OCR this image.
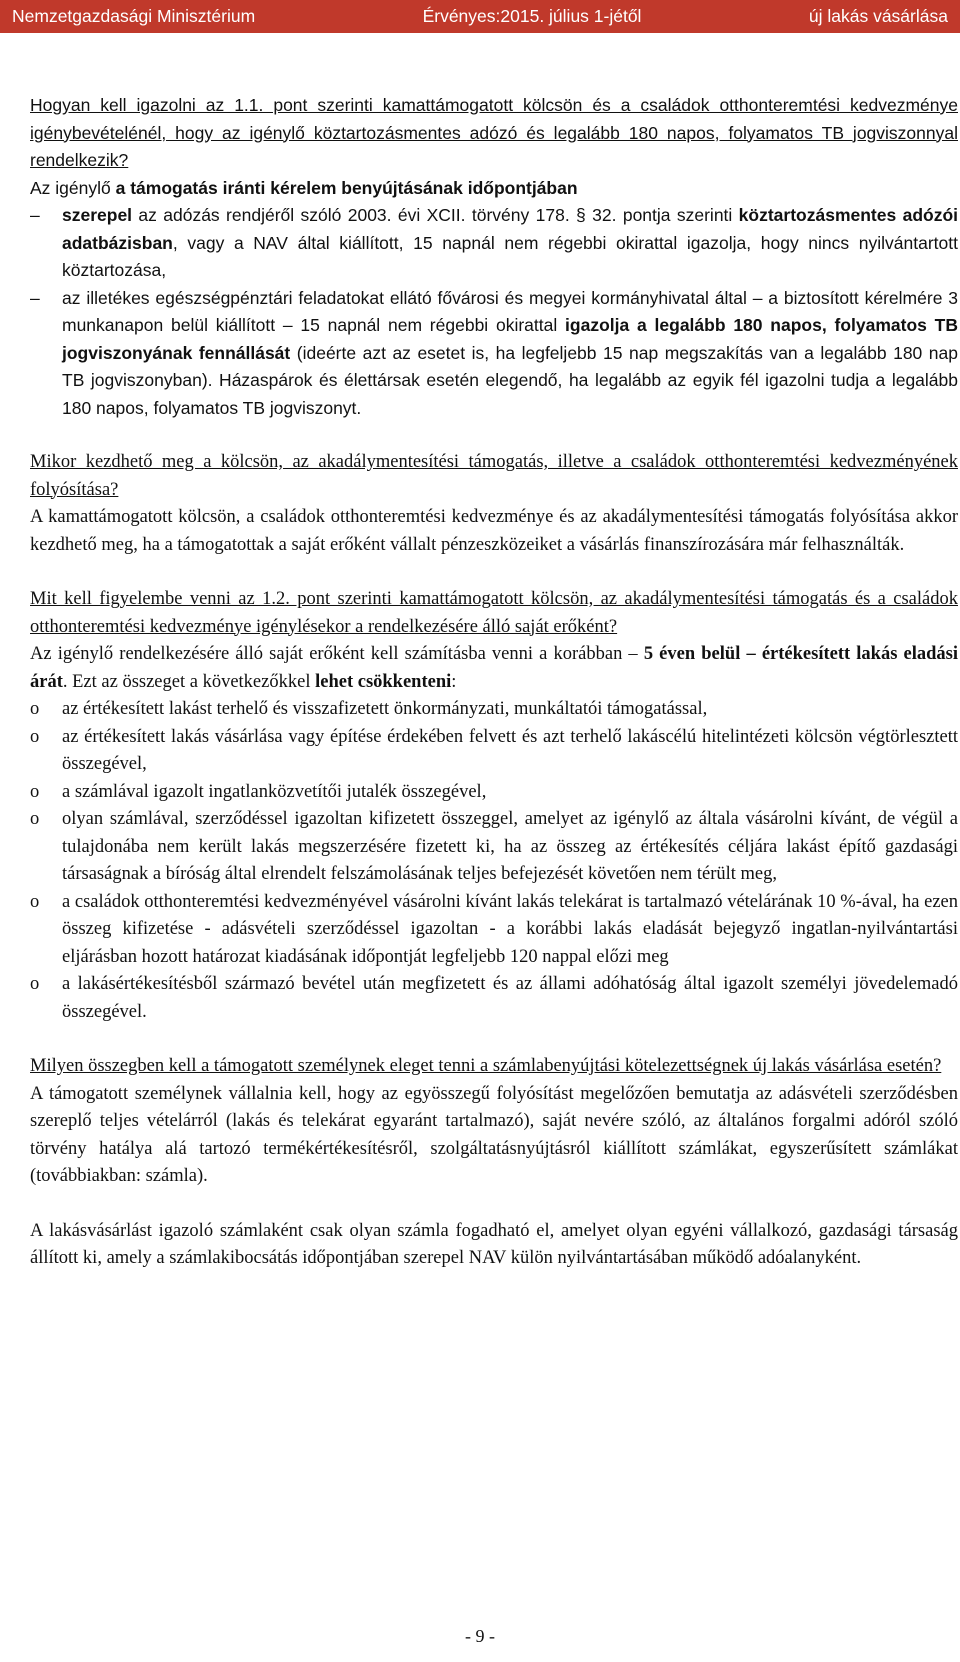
Nemzetgazdasági Minisztérium	Érvényes:2015. július 1-jétől	új lakás vásárlása

Hogyan kell igazolni az 1.1. pont szerinti kamattámogatott kölcsön és a családok otthonteremtési kedvezménye igénybevételénél, hogy az igénylő köztartozásmentes adózó és legalább 180 napos, folyamatos TB jogviszonnyal rendelkezik?

Az igénylő a támogatás iránti kérelem benyújtásának időpontjában

–	szerepel az adózás rendjéről szóló 2003. évi XCII. törvény 178. § 32. pontja szerinti köztartozásmentes adózói adatbázisban, vagy a NAV által kiállított, 15 napnál nem régebbi okirattal igazolja, hogy nincs nyilvántartott köztartozása,
–	az illetékes egészségpénztári feladatokat ellátó fővárosi és megyei kormányhivatal által – a biztosított kérelmére 3 munkanapon belül kiállított – 15 napnál nem régebbi okirattal igazolja a legalább 180 napos, folyamatos TB jogviszonyának fennállását (ideérte azt az esetet is, ha legfeljebb 15 nap megszakítás van a legalább 180 nap TB jogviszonyban). Házaspárok és élettársak esetén elegendő, ha legalább az egyik fél igazolni tudja a legalább 180 napos, folyamatos TB jogviszonyt.

Mikor kezdhető meg a kölcsön, az akadálymentesítési támogatás, illetve a családok otthonteremtési kedvezményének folyósítása?

A kamattámogatott kölcsön, a családok otthonteremtési kedvezménye és az akadálymentesítési támogatás folyósítása akkor kezdhető meg, ha a támogatottak a saját erőként vállalt pénzeszközeiket a vásárlás finanszírozására már felhasználták.

Mit kell figyelembe venni az 1.2. pont szerinti kamattámogatott kölcsön, az akadálymentesítési támogatás és a családok otthonteremtési kedvezménye igénylésekor a rendelkezésére álló saját erőként?

Az igénylő rendelkezésére álló saját erőként kell számításba venni a korábban – 5 éven belül – értékesített lakás eladási árát. Ezt az összeget a következőkkel lehet csökkenteni:

o	az értékesített lakást terhelő és visszafizetett önkormányzati, munkáltatói támogatással,
o	az értékesített lakás vásárlása vagy építése érdekében felvett és azt terhelő lakáscélú hitelintézeti kölcsön végtörlesztett összegével,
o	a számlával igazolt ingatlanközvetítői jutalék összegével,
o	olyan számlával, szerződéssel igazoltan kifizetett összeggel, amelyet az igénylő az általa vásárolni kívánt, de végül a tulajdonába nem került lakás megszerzésére fizetett ki, ha az összeg az értékesítés céljára lakást építő gazdasági társaságnak a bíróság által elrendelt felszámolásának teljes befejezését követően nem térült meg,
o	a családok otthonteremtési kedvezményével vásárolni kívánt lakás telekárat is tartalmazó vételárának 10 %-ával, ha ezen összeg kifizetése - adásvételi szerződéssel igazoltan - a korábbi lakás eladását bejegyző ingatlan-nyilvántartási eljárásban hozott határozat kiadásának időpontját legfeljebb 120 nappal előzi meg
o	a lakásértékesítésből származó bevétel után megfizetett és az állami adóhatóság által igazolt személyi jövedelemadó összegével.

Milyen összegben kell a támogatott személynek eleget tenni a számlabenyújtási kötelezettségnek új lakás vásárlása esetén?

A támogatott személynek vállalnia kell, hogy az egyösszegű folyósítást megelőzően bemutatja az adásvételi szerződésben szereplő teljes vételárról (lakás és telekárat egyaránt tartalmazó), saját nevére szóló, az általános forgalmi adóról szóló törvény hatálya alá tartozó termékértékesítésről, szolgáltatásnyújtásról kiállított számlákat, egyszerűsített számlákat (továbbiakban: számla).

A lakásvásárlást igazoló számlaként csak olyan számla fogadható el, amelyet olyan egyéni vállalkozó, gazdasági társaság állított ki, amely a számlakibocsátás időpontjában szerepel NAV külön nyilvántartásában működő adóalanyként.

- 9 -
